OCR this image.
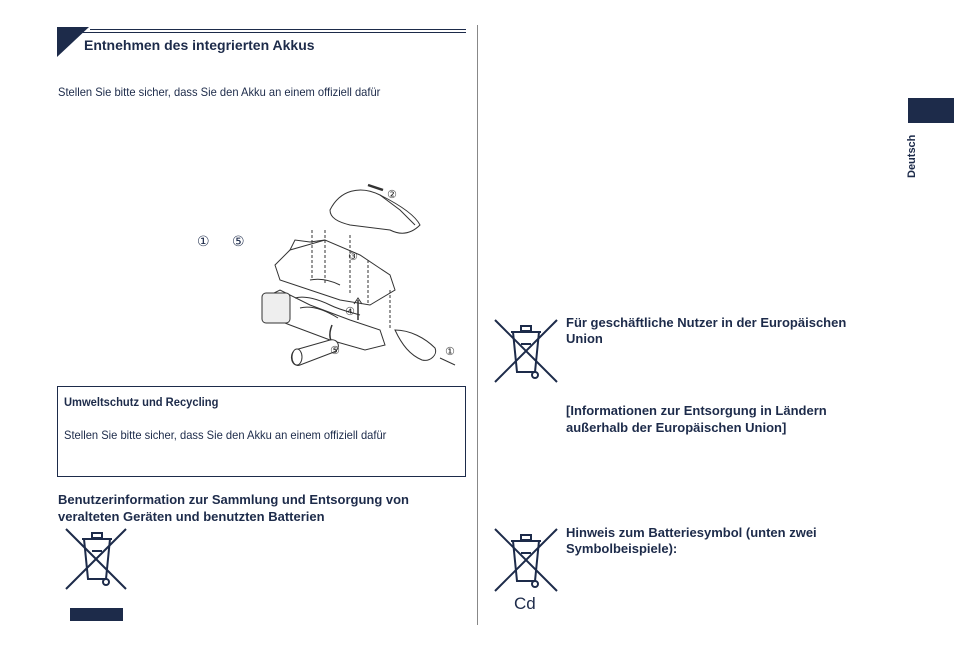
Entnehmen des integrierten Akkus
Stellen Sie bitte sicher, dass Sie den Akku an einem offiziell dafür
① ⑤
②
③
④
⑤	①
Umweltschutz und Recycling
Stellen Sie bitte sicher, dass Sie den Akku an einem offiziell dafür
Benutzerinformation zur Sammlung und Entsorgung von
veralteten Geräten und benutzten Batterien
Für geschäftliche Nutzer in der Europäischen
Union
[Informationen zur Entsorgung in Ländern
außerhalb der Europäischen Union]
Cd
Hinweis zum Batteriesymbol (unten zwei
Symbolbeispiele):
Deutsch
